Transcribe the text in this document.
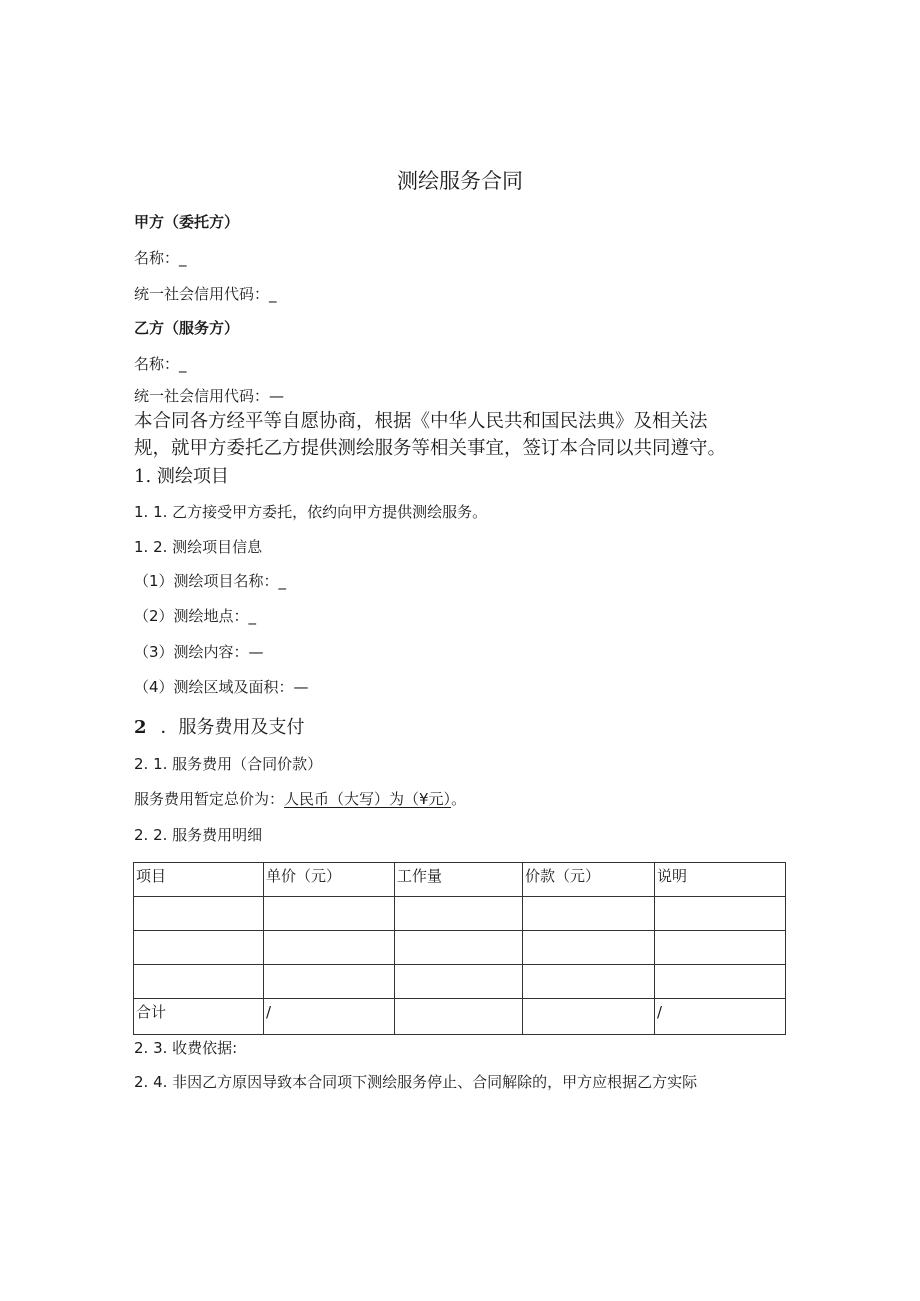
测绘服务合同
甲方（委托方）
名称：_
统一社会信用代码：_
乙方（服务方）
名称：_
统一社会信用代码：—
本合同各方经平等自愿协商，根据《中华人民共和国民法典》及相关法
规，就甲方委托乙方提供测绘服务等相关事宜，签订本合同以共同遵守。
1. 测绘项目
1. 1. 乙方接受甲方委托，依约向甲方提供测绘服务。
1. 2. 测绘项目信息
（1）测绘项目名称：_
（2）测绘地点：_
（3）测绘内容：—
（4）测绘区域及面积：—
2 ．服务费用及支付
2. 1. 服务费用（合同价款）
服务费用暂定总价为：人民币（大写）为（¥元）。
2. 2. 服务费用明细
项目	单价（元）	工作量	价款（元）	说明

合计	/			/
2. 3. 收费依据:
2. 4. 非因乙方原因导致本合同项下测绘服务停止、合同解除的，甲方应根据乙方实际
